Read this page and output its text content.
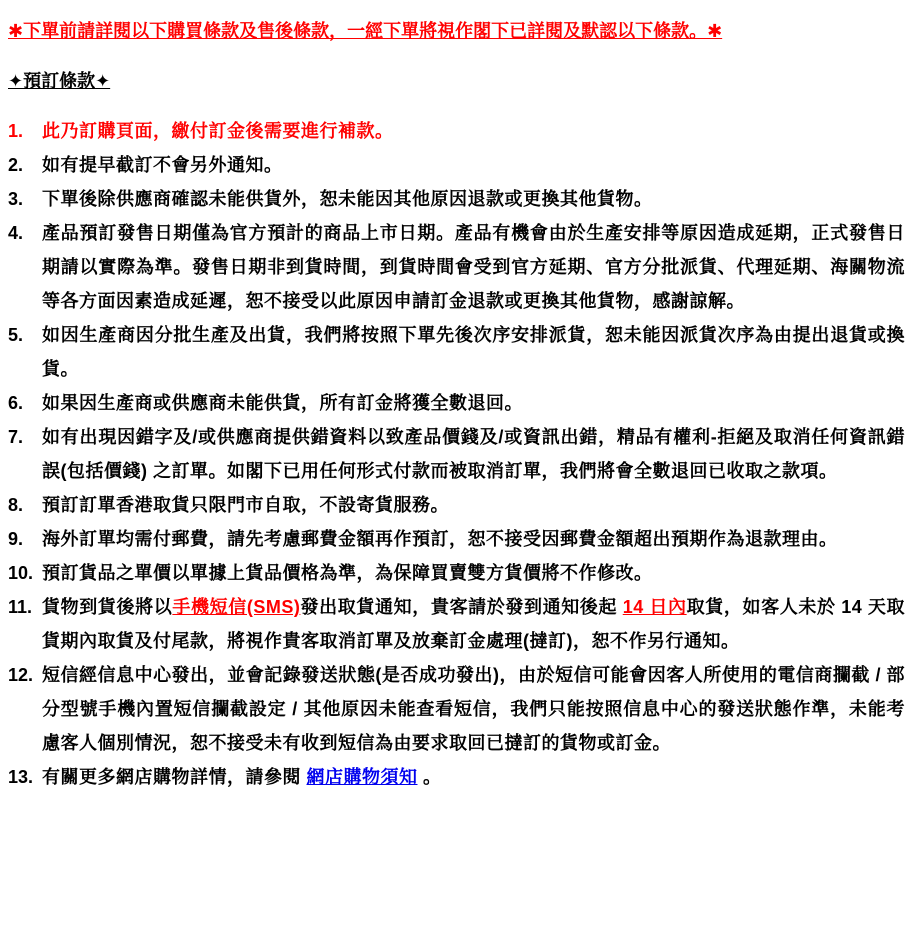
✱下單前請詳閱以下購買條款及售後條款，一經下單將視作閣下已詳閱及默認以下條款。✱
✦預訂條款✦
1.	此乃訂購頁面，繳付訂金後需要進行補款。
2.	如有提早截訂不會另外通知。
3.	下單後除供應商確認未能供貨外，恕未能因其他原因退款或更換其他貨物。
4.	產品預訂發售日期僅為官方預計的商品上市日期。產品有機會由於生產安排等原因造成延期，正式發售日期請以實際為準。發售日期非到貨時間，到貨時間會受到官方延期、官方分批派貨、代理延期、海關物流等各方面因素造成延遲，恕不接受以此原因申請訂金退款或更換其他貨物，感謝諒解。
5.	如因生產商因分批生產及出貨，我們將按照下單先後次序安排派貨，恕未能因派貨次序為由提出退貨或換貨。
6.	如果因生產商或供應商未能供貨，所有訂金將獲全數退回。
7.	如有出現因錯字及/或供應商提供錯資料以致產品價錢及/或資訊出錯，精品有權利-拒絕及取消任何資訊錯誤(包括價錢) 之訂單。如閣下已用任何形式付款而被取消訂單，我們將會全數退回已收取之款項。
8.	預訂訂單香港取貨只限門市自取，不設寄貨服務。
9.	海外訂單均需付郵費，請先考慮郵費金額再作預訂，恕不接受因郵費金額超出預期作為退款理由。
10. 預訂貨品之單價以單據上貨品價格為準，為保障買賣雙方貨價將不作修改。
11. 貨物到貨後將以手機短信(SMS)發出取貨通知，貴客請於發到通知後起 14 日內取貨，如客人未於 14 天取貨期內取貨及付尾款，將視作貴客取消訂單及放棄訂金處理(撻訂)，恕不作另行通知。
12. 短信經信息中心發出，並會記錄發送狀態(是否成功發出)，由於短信可能會因客人所使用的電信商攔截 / 部分型號手機內置短信攔截設定 / 其他原因未能查看短信，我們只能按照信息中心的發送狀態作準，未能考慮客人個別情況，恕不接受未有收到短信為由要求取回已撻訂的貨物或訂金。
13. 有關更多網店購物詳情，請參閱 網店購物須知 。
